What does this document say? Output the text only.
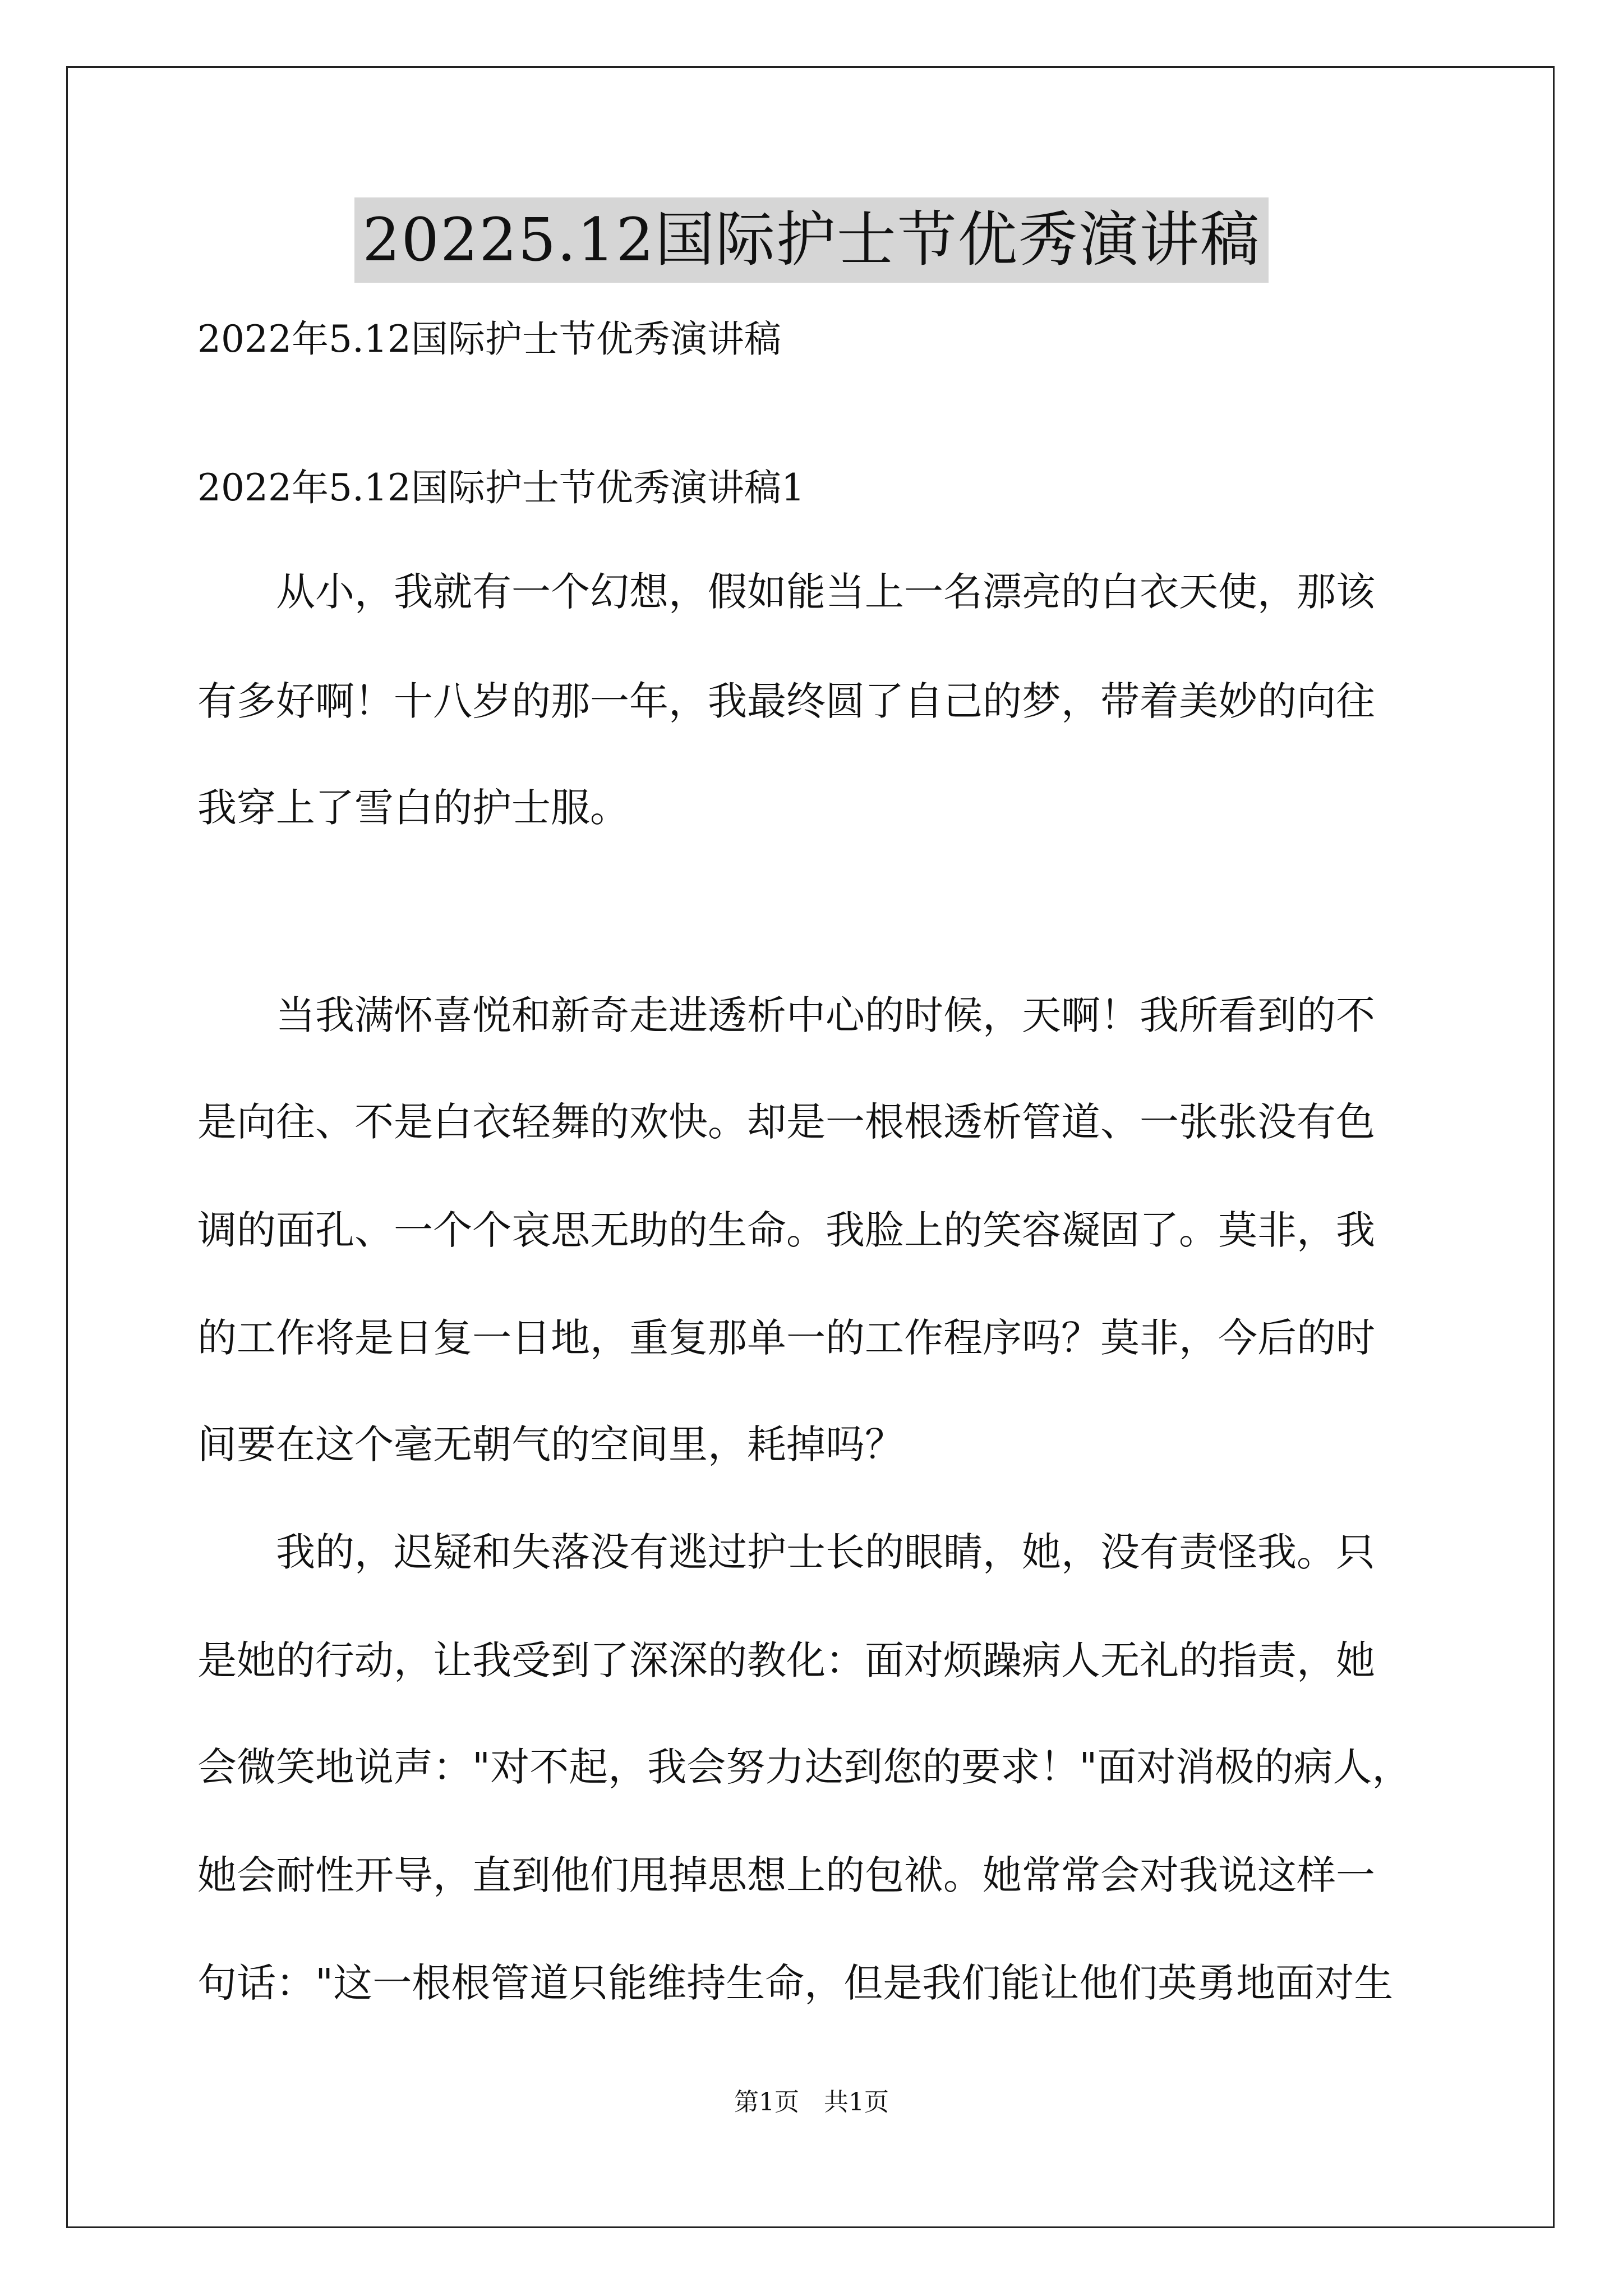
20225.12国际护士节优秀演讲稿
2022年5.12国际护士节优秀演讲稿
2022年5.12国际护士节优秀演讲稿1
　　从小，我就有一个幻想，假如能当上一名漂亮的白衣天使，那该
有多好啊！十八岁的那一年，我最终圆了自己的梦，带着美妙的向往
我穿上了雪白的护士服。
　　当我满怀喜悦和新奇走进透析中心的时候，天啊！我所看到的不
是向往、不是白衣轻舞的欢快。却是一根根透析管道、一张张没有色
调的面孔、一个个哀思无助的生命。我脸上的笑容凝固了。莫非，我
的工作将是日复一日地，重复那单一的工作程序吗？莫非，今后的时
间要在这个毫无朝气的空间里，耗掉吗？
　　我的，迟疑和失落没有逃过护士长的眼睛，她，没有责怪我。只
是她的行动，让我受到了深深的教化：面对烦躁病人无礼的指责，她
会微笑地说声："对不起，我会努力达到您的要求！"面对消极的病人，
她会耐性开导，直到他们甩掉思想上的包袱。她常常会对我说这样一
句话："这一根根管道只能维持生命，但是我们能让他们英勇地面对生
第1页　共1页
